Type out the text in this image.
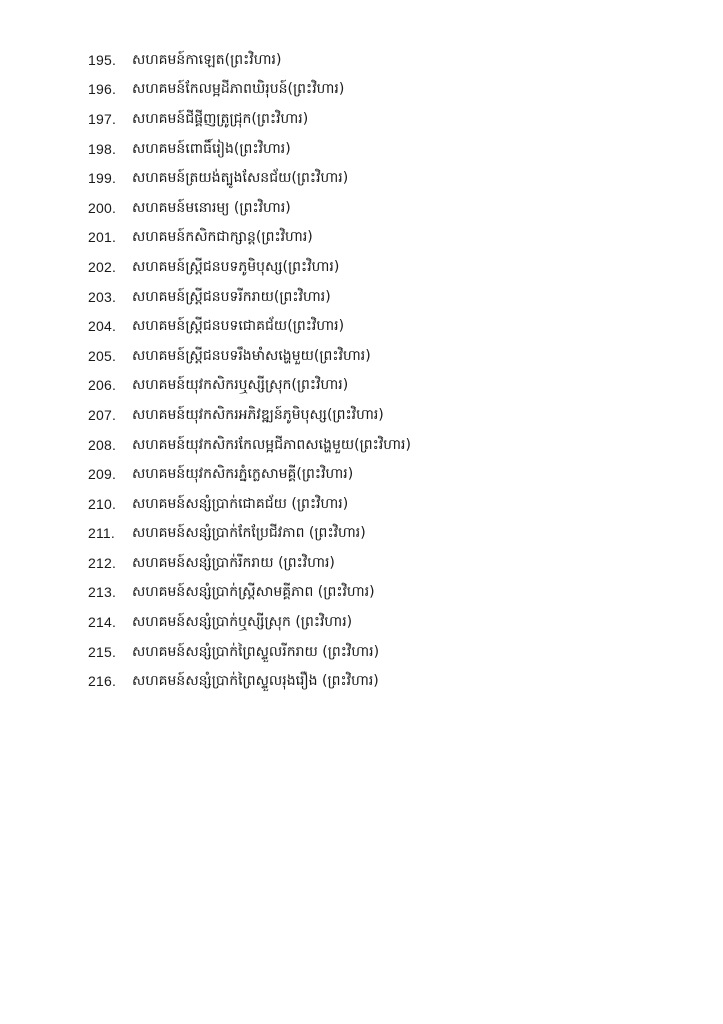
195.	សហគមន៍កាឡេត(ព្រះវិហារ)
196.	សហគមន៍កែលម្អដីភាពឃិរុបន៍(ព្រះវិហារ)
197.	សហគមន៍ជីផ្គីញត្រូជ្រុក(ព្រះវិហារ)
198.	សហគមន៍ពោធិ៍រៀង(ព្រះវិហារ)
199.	សហគមន៍ត្រយង់ត្បូងសែនជ័យ(ព្រះវិហារ)
200.	សហគមន៍មនោរម្យ (ព្រះវិហារ)
201.	សហគមន៍កសិកជាក្សាន្ត(ព្រះវិហារ)
202.	សហគមន៍ស្ត្រីជនបទភូមិបុស្ស(ព្រះវិហារ)
203.	សហគមន៍ស្ត្រីជនបទរីករាយ(ព្រះវិហារ)
204.	សហគមន៍ស្ត្រីជនបទជោគជ័យ(ព្រះវិហារ)
205.	សហគមន៍ស្ត្រីជនបទរឹងមាំសង្ហេមួយ(ព្រះវិហារ)
206.	សហគមន៍យុវកសិករឬស្សីស្រុក(ព្រះវិហារ)
207.	សហគមន៍យុវកសិករអភិវឌ្ឍន៍ភូមិបុស្ស(ព្រះវិហារ)
208.	សហគមន៍យុវកសិករកែលម្អជីភាពសង្ហេមួយ(ព្រះវិហារ)
209.	សហគមន៍យុវកសិករភ្នំកេ្លសាមគ្គី(ព្រះវិហារ)
210.	សហគមន៍សន្សំប្រាក់ជោគជ័យ (ព្រះវិហារ)
211.	សហគមន៍សន្សំប្រាក់កែប្រែជីវភាព (ព្រះវិហារ)
212.	សហគមន៍សន្សំប្រាក់រីករាយ (ព្រះវិហារ)
213.	សហគមន៍សន្សំប្រាក់ស្ត្រីសាមគ្គីភាព (ព្រះវិហារ)
214.	សហគមន៍សន្សំប្រាក់ឬស្សីស្រុក (ព្រះវិហារ)
215.	សហគមន៍សន្សំប្រាក់ព្រៃស្ទួលរីករាយ (ព្រះវិហារ)
216.	សហគមន៍សន្សំប្រាក់ព្រៃស្ទួលរុងរឿង (ព្រះវិហារ)
